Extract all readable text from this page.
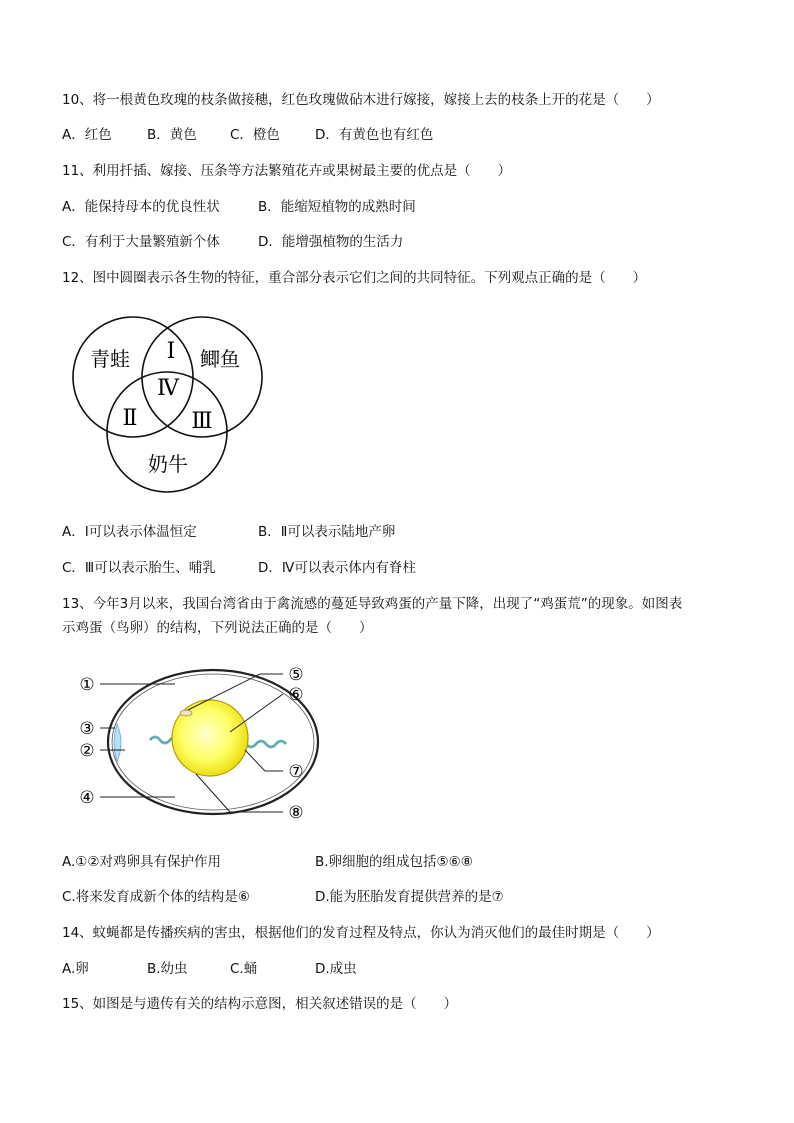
10、将一根黄色玫瑰的枝条做接穗，红色玫瑰做砧木进行嫁接，嫁接上去的枝条上开的花是（　　）
A．红色	B．黄色 C．橙色	D．有黄色也有红色
11、利用扦插、嫁接、压条等方法繁殖花卉或果树最主要的优点是（　　）
A．能保持母本的优良性状	B．能缩短植物的成熟时间
C．有利于大量繁殖新个体	D．能增强植物的生活力
12、图中圆圈表示各生物的特征，重合部分表示它们之间的共同特征。下列观点正确的是（　　）
青蛙	鲫鱼
奶牛
Ⅰ
Ⅱ Ⅲ
Ⅳ
A．Ⅰ可以表示体温恒定	B．Ⅱ可以表示陆地产卵
C．Ⅲ可以表示胎生、哺乳	D．Ⅳ可以表示体内有脊柱
13、今年3月以来，我国台湾省由于禽流感的蔓延导致鸡蛋的产量下降，出现了“鸡蛋荒”的现象。如图表
示鸡蛋（鸟卵）的结构，下列说法正确的是（　　）
①
③
②
④
⑤
⑥
⑦
⑧
A.①②对鸡卵具有保护作用	B.卵细胞的组成包括⑤⑥⑧
C.将来发育成新个体的结构是⑥	D.能为胚胎发育提供营养的是⑦
14、蚊蝇都是传播疾病的害虫，根据他们的发育过程及特点，你认为消灭他们的最佳时期是（　　）
A.卵	B.幼虫	C.蛹	D.成虫
15、如图是与遗传有关的结构示意图，相关叙述错误的是（　　）
